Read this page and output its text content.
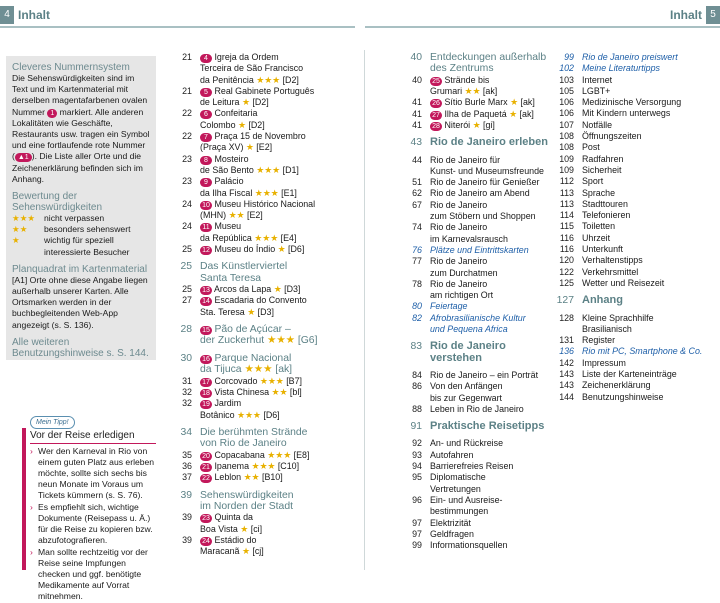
4 Inhalt	Inhalt 5
Cleveres Nummernsystem

Die Sehenswürdigkeiten sind im Text und im Kartenmaterial mit derselben magentafarbenen ovalen Nummer 1 markiert. Alle anderen Lokalitäten wie Geschäfte, Restaurants usw. tragen ein Symbol und eine fortlaufende rote Nummer ( ▲1 ). Die Liste aller Orte und die Zeichenerklärung befinden sich im Anhang.

Bewertung der Sehenswürdigkeiten
★★★	nicht verpassen
★★	besonders sehenswert
★	wichtig für speziell interessierte Besucher
Planquadrat im Kartenmaterial

[A1] Orte ohne diese Angabe liegen außerhalb unserer Karten. Alle Ortsmarken werden in der buchbegleitenden Web-App angezeigt (s. S. 136).

Alle weiteren Benutzungshinweise s. S. 144.
Mein Tipp!
Vor der Reise erledigen
› Wer den Karneval in Rio von einem guten Platz aus erleben möchte, sollte sich sechs bis neun Monate im Voraus um Tickets kümmern (s. S. 76).
› Es empfiehlt sich, wichtige Dokumente (Reisepass u. Ä.) für die Reise zu kopieren bzw. abzufotografieren.
› Man sollte rechtzeitig vor der Reise seine Impfungen checken und ggf. benötigte Medikamente auf Vorrat mitnehmen.
21	4 Igreja da Ordem
Terceira de São Francisco
da Penitência ★★★ [D2]
21	5 Real Gabinete Português
de Leitura ★ [D2]
22	6 Confeitaria
Colombo ★ [D2]
22	7 Praça 15 de Novembro
(Praça XV) ★ [E2]
23	8 Mosteiro
de São Bento ★★★ [D1]
23	9 Palácio
da Ilha Fiscal ★★★ [E1]
24 10 Museu Histórico Nacional
(MHN) ★★ [E2]
24	11 Museu
da República ★★★ [E4]
25 12 Museu do Índio ★ [D6]
25 Das Künstlerviertel
Santa Teresa
25 13 Arcos da Lapa ★ [D3]
27 14 Escadaria do Convento
Sta. Teresa ★ [D3]
28 15 Pão de Açúcar –
der Zuckerhut ★★★ [G6]
30 16 Parque Nacional
da Tijuca ★★★ [ak]
31 17 Corcovado ★★★ [B7]
32 18 Vista Chinesa ★★ [bl]
32 19 Jardim
Botânico ★★★ [D6]
34 Die berühmten Strände
von Rio de Janeiro
35 20 Copacabana ★★★ [E8]
36 21 Ipanema ★★★ [C10]
37 22 Leblon ★★ [B10]
39 Sehenswürdigkeiten
im Norden der Stadt
39 23 Quinta da
Boa Vista ★ [ci]
39 24 Estádio do
Maracanã ★ [cj]
40 Entdeckungen außerhalb
des Zentrums
40 25 Strände bis
Grumari ★★ [ak]
41 26 Sítio Burle Marx ★ [ak]
41 27 Ilha de Paquetá ★ [ak]
41 28 Niterói ★ [gi]
43 Rio de Janeiro erleben
44 Rio de Janeiro für
Kunst- und Museumsfreunde
51 Rio de Janeiro für Genießer
62 Rio de Janeiro am Abend
67 Rio de Janeiro
zum Stöbern und Shoppen
74 Rio de Janeiro
im Karnevalsrausch
76 Plätze und Eintrittskarten
77 Rio de Janeiro
zum Durchatmen
78 Rio de Janeiro
am richtigen Ort
80 Feiertage
82 Afrobrasilianische Kultur
und Pequena Africa
83 Rio de Janeiro
verstehen
84 Rio de Janeiro – ein Porträt
86 Von den Anfängen
bis zur Gegenwart
88 Leben in Rio de Janeiro
91 Praktische Reisetipps
92 An- und Rückreise
93 Autofahren
94 Barrierefreies Reisen
95 Diplomatische
Vertretungen
96 Ein- und Ausreise-
bestimmungen
97 Elektrizität
97 Geldfragen
99 Informationsquellen
99 Rio de Janeiro preiswert
102 Meine Literaturtipps
103 Internet
105 LGBT+
106 Medizinische Versorgung
106 Mit Kindern unterwegs
107 Notfälle
108 Öffnungszeiten
108 Post
109 Radfahren
109 Sicherheit
112 Sport
113 Sprache
113 Stadttouren
114 Telefonieren
115 Toiletten
116 Uhrzeit
116 Unterkunft
120 Verhaltenstipps
122 Verkehrsmittel
125 Wetter und Reisezeit
127 Anhang
128 Kleine Sprachhilfe
Brasilianisch
131 Register
136 Rio mit PC, Smartphone & Co.
142 Impressum
143 Liste der Karteneinträge
143 Zeichenerklärung
144 Benutzungshinweise
